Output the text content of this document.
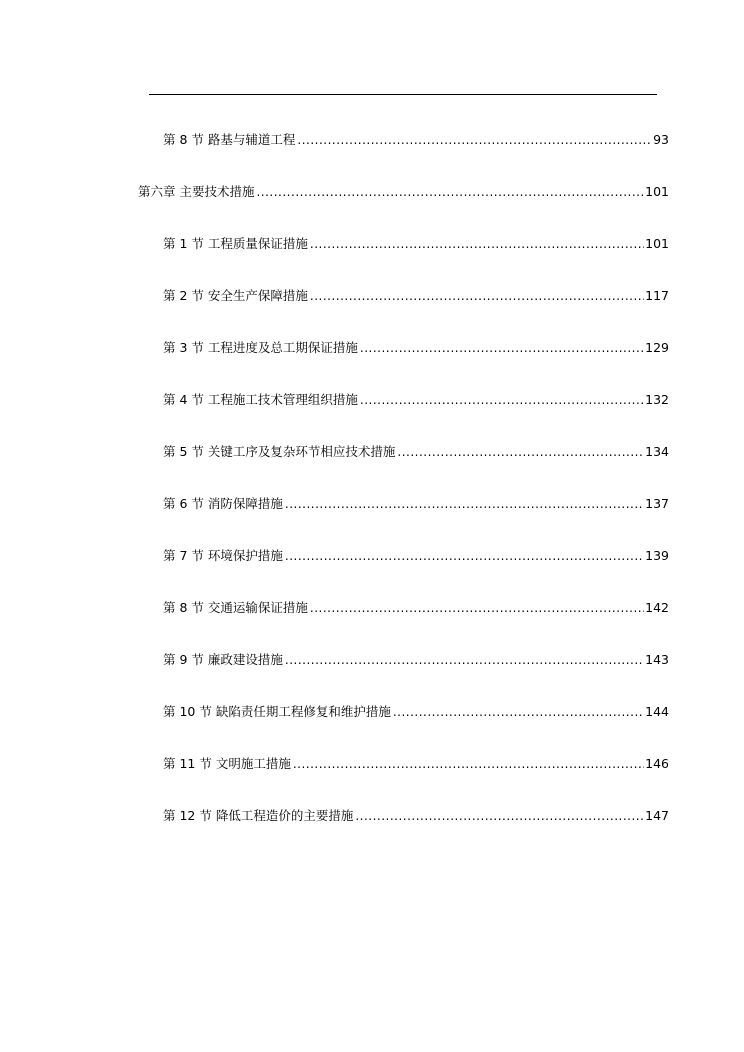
第 8 节 路基与辅道工程 .....	93
第六章 主要技术措施 .....	101
第 1 节 工程质量保证措施 .....	101
第 2 节 安全生产保障措施 .....	117
第 3 节 工程进度及总工期保证措施 .....	129
第 4 节 工程施工技术管理组织措施 .....	132
第 5 节 关键工序及复杂环节相应技术措施 .....	134
第 6 节 消防保障措施 .....	137
第 7 节 环境保护措施 .....	139
第 8 节 交通运输保证措施 .....	142
第 9 节 廉政建设措施 .....	143
第 10 节 缺陷责任期工程修复和维护措施 .....	144
第 11 节 文明施工措施 .....	146
第 12 节 降低工程造价的主要措施 .....	147
